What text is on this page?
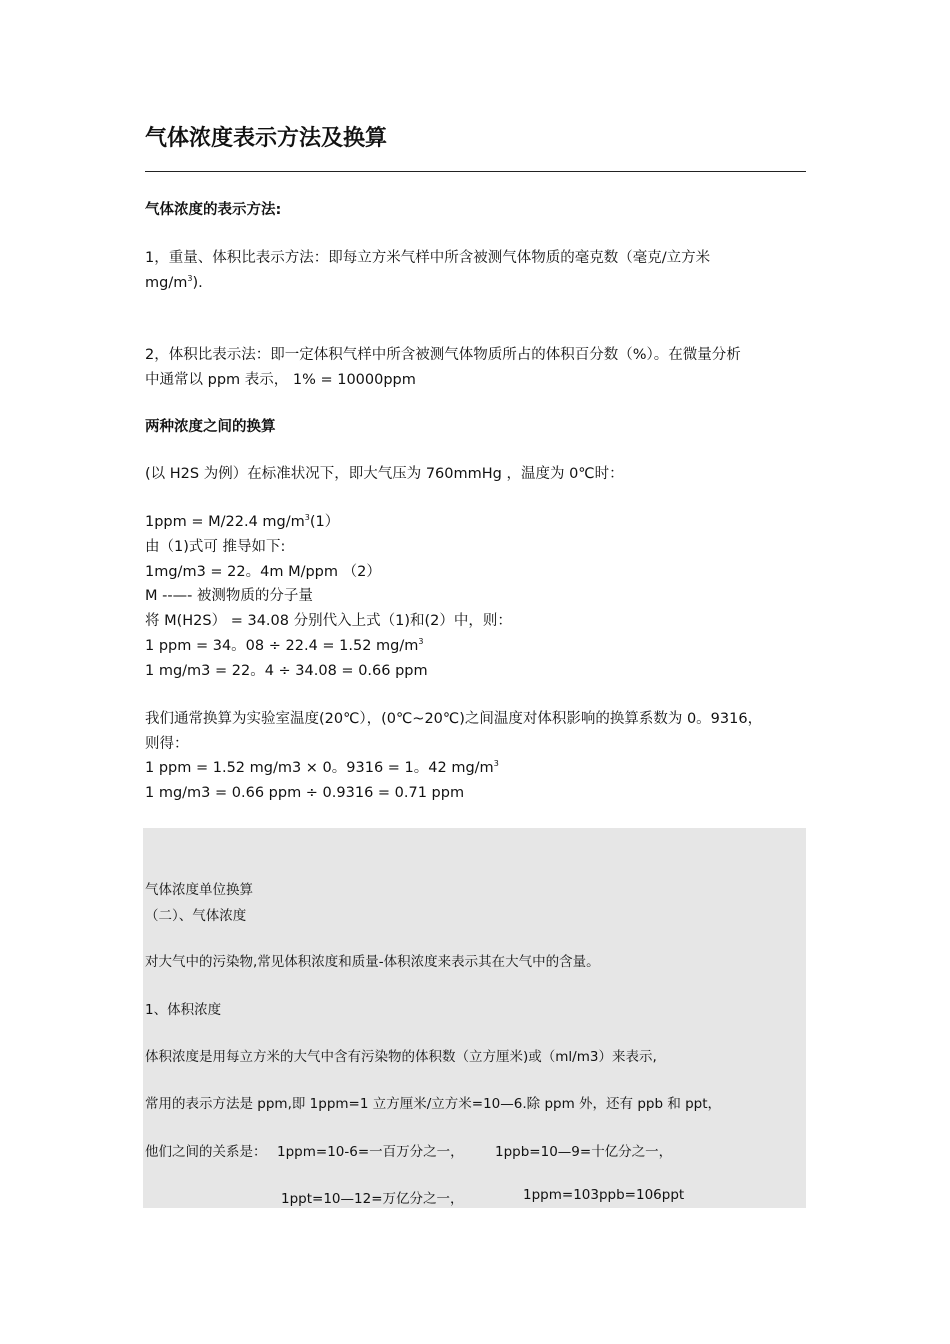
气体浓度表示方法及换算
气体浓度的表示方法:
1，重量、体积比表示方法：即每立方米气样中所含被测气体物质的毫克数（毫克/立方米
$mg/m^3$).
2，体积比表示法：即一定体积气样中所含被测气体物质所占的体积百分数（%）。在微量分析
中通常以 ppm 表示， 1% = 10000ppm
两种浓度之间的换算
(以 H2S 为例）在标准状况下，即大气压为 760mmHg ，温度为 0℃时：
1ppm = M/22.4 $mg/m^3(1)$
由（1)式可 推导如下:
1mg/m3 = 22。4m M/ppm （2）
M --—- 被测物质的分子量
将 M(H2S） = 34.08 分别代入上式（1)和(2）中，则：
1 ppm = 34。08 ÷ 22.4 = 1.52 $mg/m^3$
1 mg/m3 = 22。4 ÷ 34.08 = 0.66 ppm
我们通常换算为实验室温度(20℃），(0℃~20℃)之间温度对体积影响的换算系数为 0。9316，
则得：
1 ppm = 1.52 mg/m3 × 0。9316 = 1。42 $mg/m^3$
1 mg/m3 = 0.66 ppm ÷ 0.9316 = 0.71 ppm
气体浓度单位换算
（二）、气体浓度
对大气中的污染物,常见体积浓度和质量-体积浓度来表示其在大气中的含量。
1、体积浓度
体积浓度是用每立方米的大气中含有污染物的体积数（立方厘米)或（ml/m3）来表示,
常用的表示方法是 ppm,即 1ppm=1 立方厘米/立方米=10—6.除 ppm 外，还有 ppb 和 ppt，
他们之间的关系是： 1ppm=10-6=一百万分之一， 1ppb=10—9=十亿分之一，
1ppt=10—12=万亿分之一，	1ppm=103ppb=106ppt
